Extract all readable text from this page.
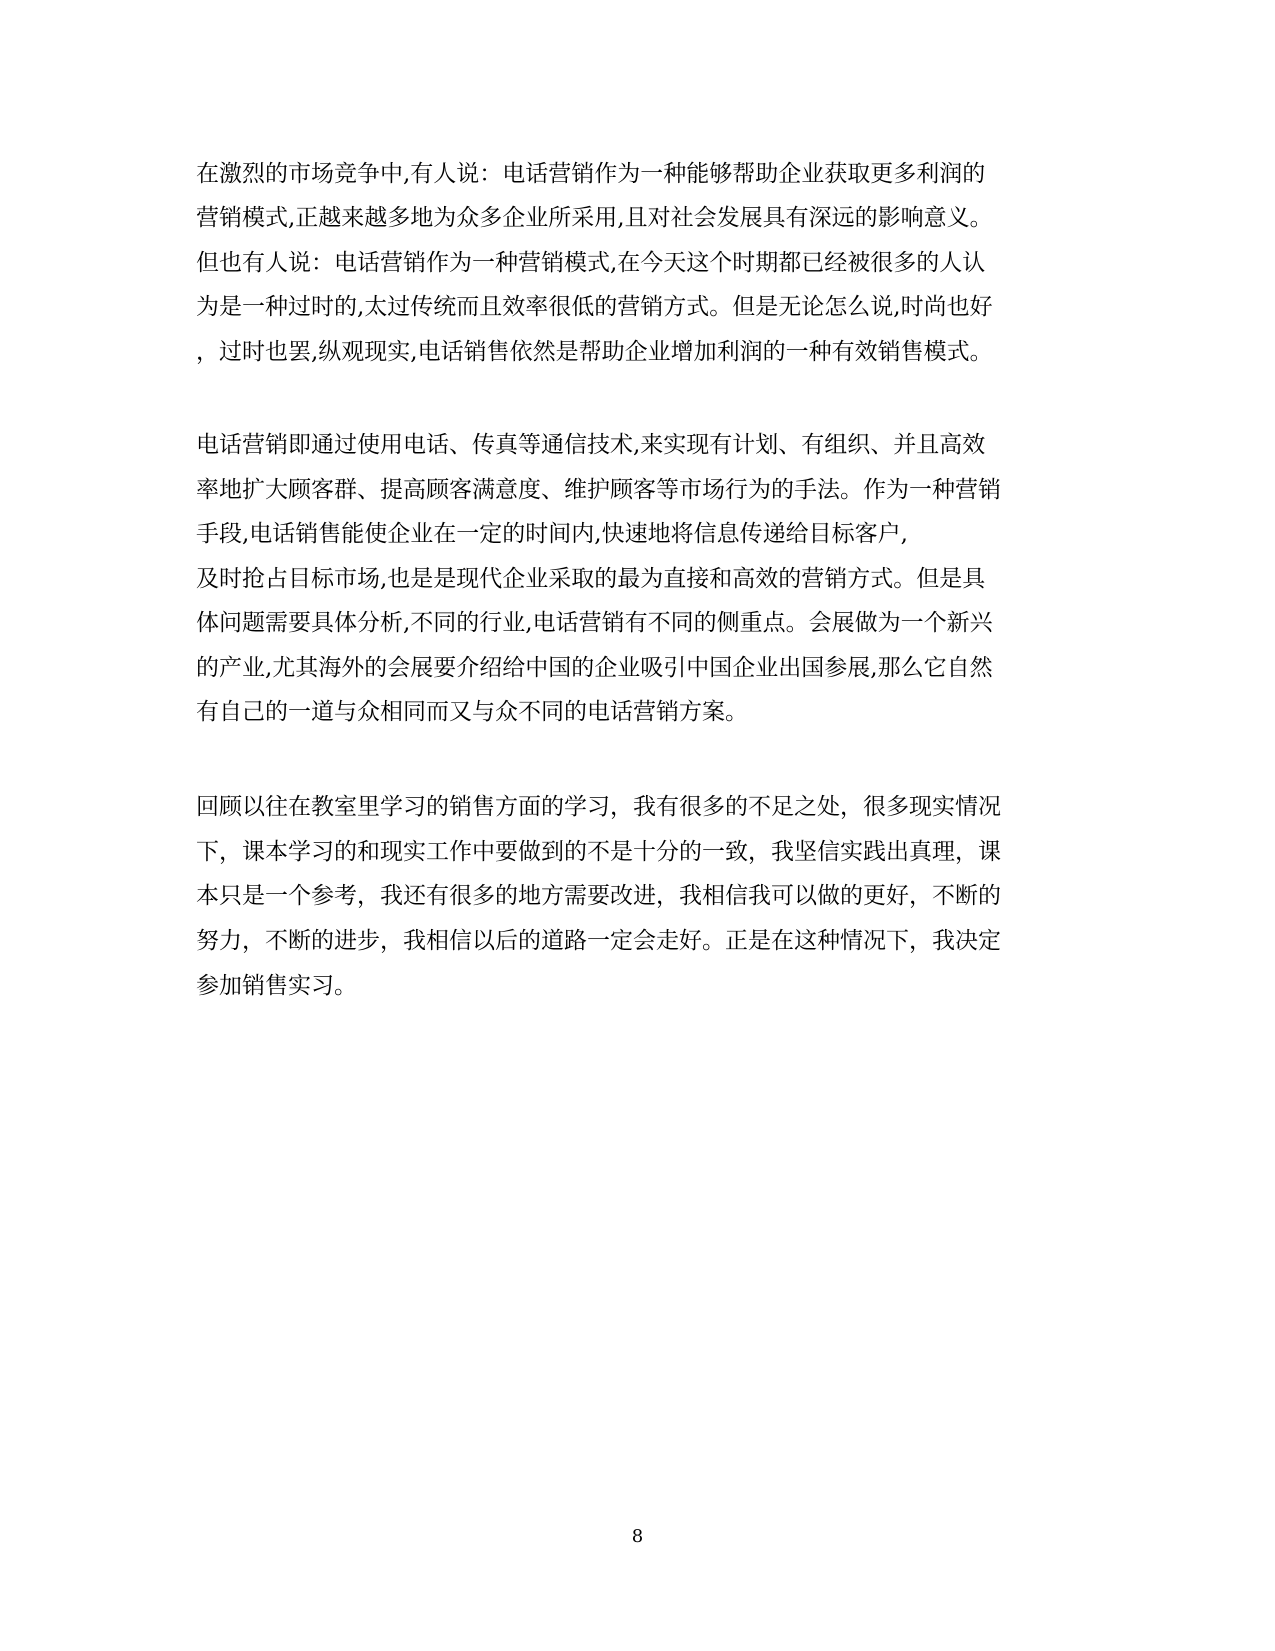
在激烈的市场竞争中,有人说：电话营销作为一种能够帮助企业获取更多利润的
营销模式,正越来越多地为众多企业所采用,且对社会发展具有深远的影响意义。
但也有人说：电话营销作为一种营销模式,在今天这个时期都已经被很多的人认
为是一种过时的,太过传统而且效率很低的营销方式。但是无论怎么说,时尚也好
，过时也罢,纵观现实,电话销售依然是帮助企业增加利润的一种有效销售模式。
电话营销即通过使用电话、传真等通信技术,来实现有计划、有组织、并且高效
率地扩大顾客群、提高顾客满意度、维护顾客等市场行为的手法。作为一种营销
手段,电话销售能使企业在一定的时间内,快速地将信息传递给目标客户,
及时抢占目标市场,也是是现代企业采取的最为直接和高效的营销方式。但是具
体问题需要具体分析,不同的行业,电话营销有不同的侧重点。会展做为一个新兴
的产业,尤其海外的会展要介绍给中国的企业吸引中国企业出国参展,那么它自然
有自己的一道与众相同而又与众不同的电话营销方案。
回顾以往在教室里学习的销售方面的学习，我有很多的不足之处，很多现实情况
下，课本学习的和现实工作中要做到的不是十分的一致，我坚信实践出真理，课
本只是一个参考，我还有很多的地方需要改进，我相信我可以做的更好，不断的
努力，不断的进步，我相信以后的道路一定会走好。正是在这种情况下，我决定
参加销售实习。
8
